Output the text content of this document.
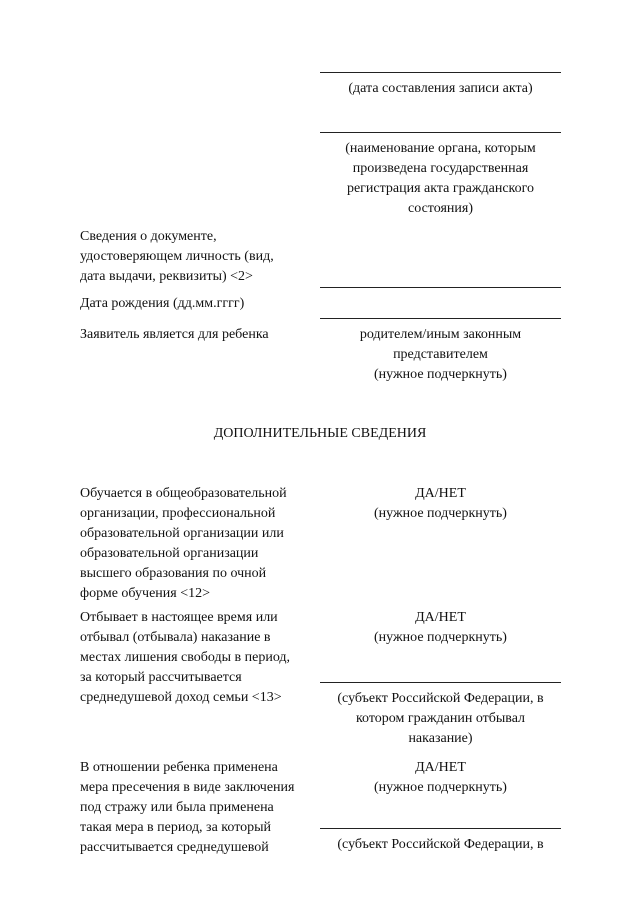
(дата составления записи акта)
(наименование органа, которым
произведена государственная
регистрация акта гражданского
состояния)
Сведения о документе,
удостоверяющем личность (вид,
дата выдачи, реквизиты) <2>
Дата рождения (дд.мм.гггг)
Заявитель является для ребенка	родителем/иным законным
представителем
(нужное подчеркнуть)
ДОПОЛНИТЕЛЬНЫЕ СВЕДЕНИЯ
Обучается в общеобразовательной
организации, профессиональной
образовательной организации или
образовательной организации
высшего образования по очной
форме обучения <12>
ДА/НЕТ
(нужное подчеркнуть)
Отбывает в настоящее время или
отбывал (отбывала) наказание в
местах лишения свободы в период,
за который рассчитывается
среднедушевой доход семьи <13>
ДА/НЕТ
(нужное подчеркнуть)
(субъект Российской Федерации, в
котором гражданин отбывал
наказание)
В отношении ребенка применена
мера пресечения в виде заключения
под стражу или была применена
такая мера в период, за который
рассчитывается среднедушевой
ДА/НЕТ
(нужное подчеркнуть)
(субъект Российской Федерации, в
